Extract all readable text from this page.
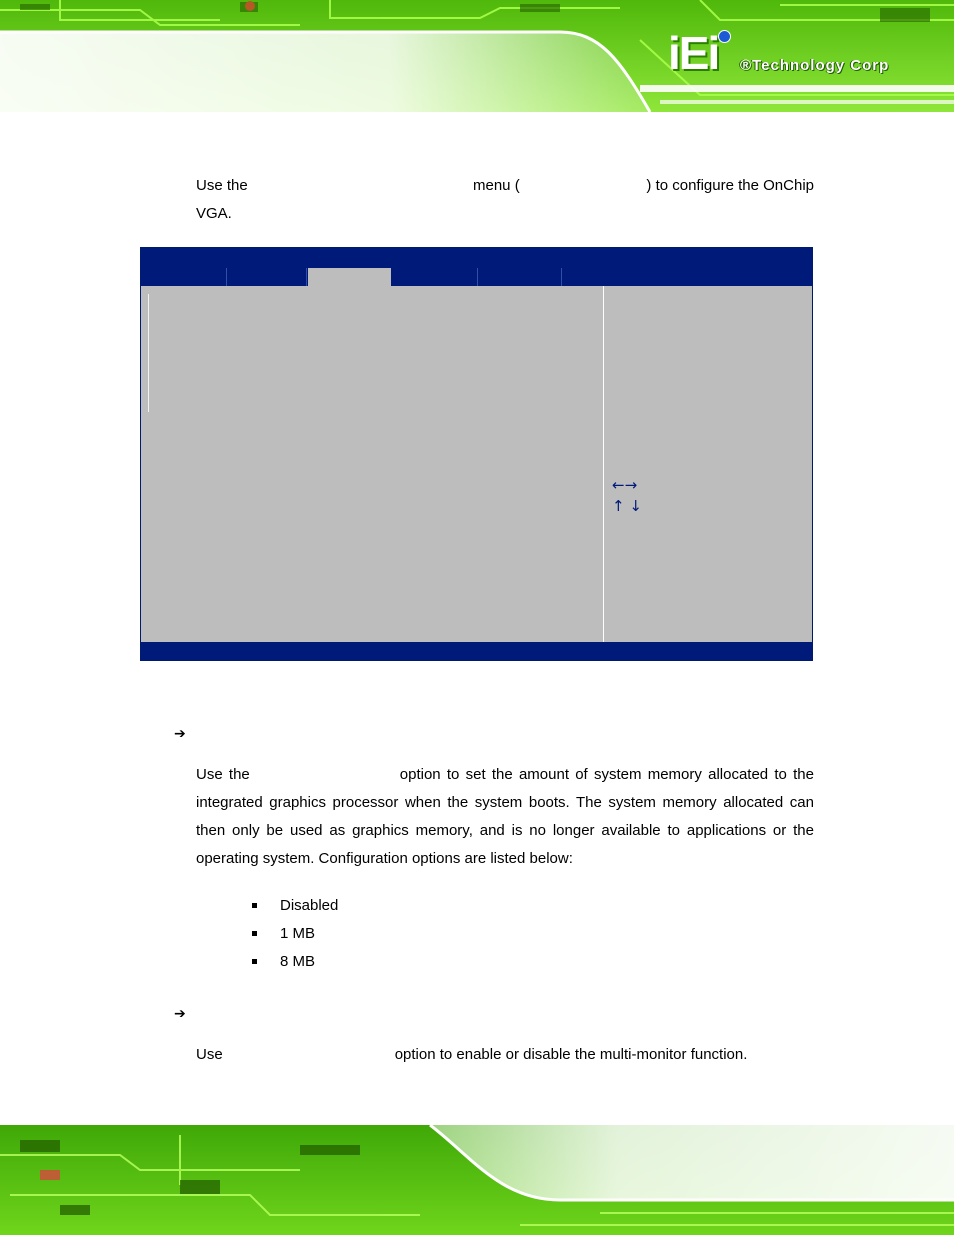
iEi ®Technology Corp
Use the	menu (	) to configure the OnChip
VGA.
←→
↑ ↓
➔
Use the	option to set the amount of system memory allocated to the integrated graphics processor when the system boots. The system memory allocated can then only be used as graphics memory, and is no longer available to applications or the operating system. Configuration options are listed below:
Disabled
1 MB
8 MB
➔
Use	option to enable or disable the multi-monitor function.
